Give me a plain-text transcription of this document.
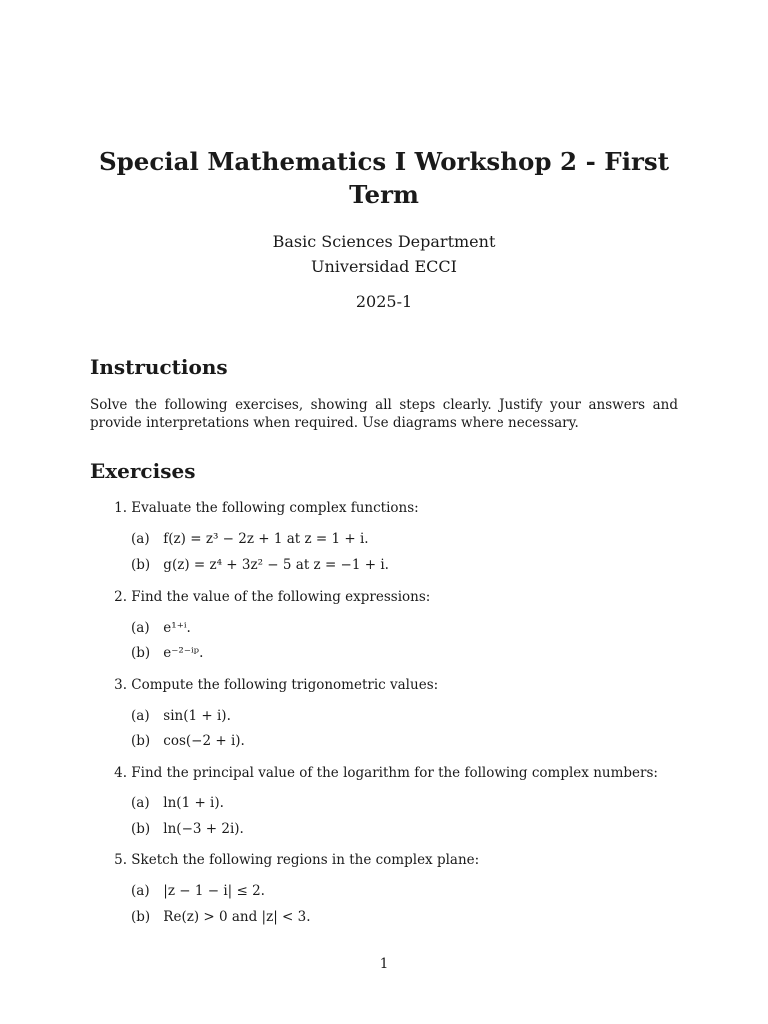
Special Mathematics I Workshop 2 - First Term

Basic Sciences Department

Universidad ECCI

2025-1

Instructions

Solve the following exercises, showing all steps clearly. Justify your answers and provide interpretations when required. Use diagrams where necessary.

Exercises
1. Evaluate the following complex functions:
(a) f(z) = z³ − 2z + 1 at z = 1 + i.
(b) g(z) = z⁴ + 3z² − 5 at z = −1 + i.
2. Find the value of the following expressions:
(a) e¹⁺ⁱ.
(b) e⁻²⁻ⁱᵖ.
3. Compute the following trigonometric values:
(a) sin(1 + i).
(b) cos(−2 + i).
4. Find the principal value of the logarithm for the following complex numbers:
(a) ln(1 + i).
(b) ln(−3 + 2i).
5. Sketch the following regions in the complex plane:
(a) |z − 1 − i| ≤ 2.
(b) Re(z) > 0 and |z| < 3.
1
